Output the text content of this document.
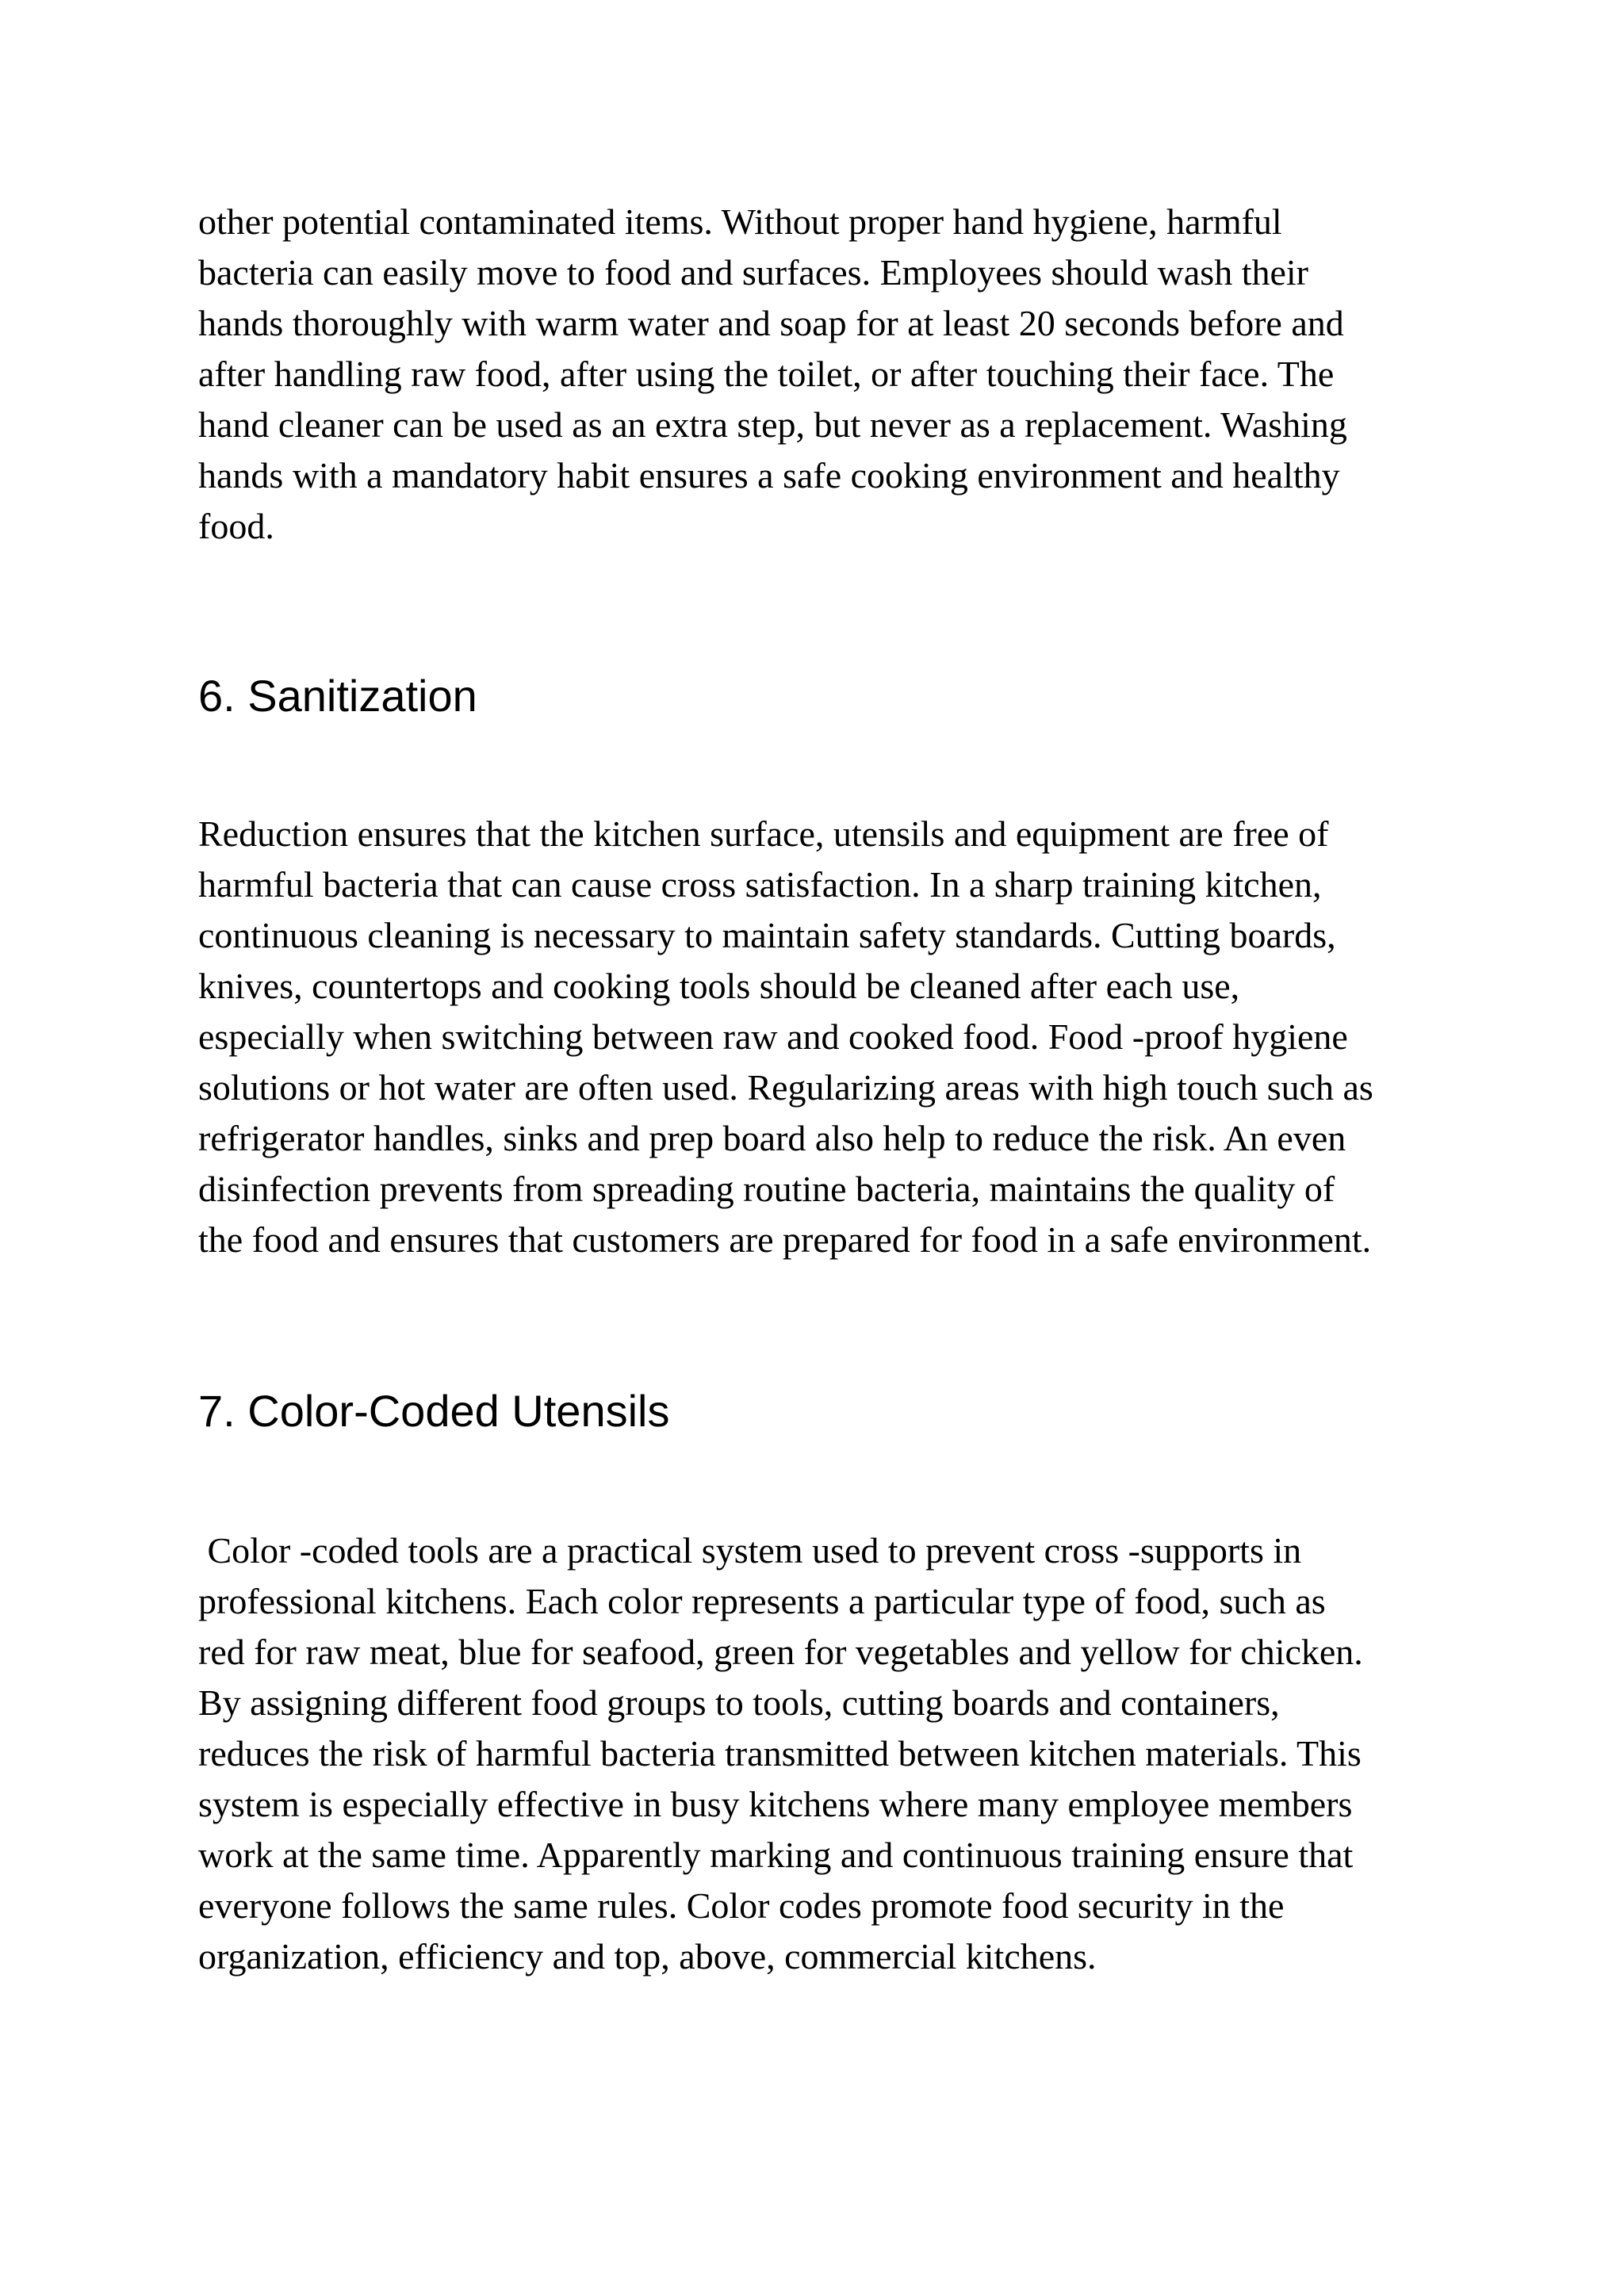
other potential contaminated items. Without proper hand hygiene, harmful
bacteria can easily move to food and surfaces. Employees should wash their
hands thoroughly with warm water and soap for at least 20 seconds before and
after handling raw food, after using the toilet, or after touching their face. The
hand cleaner can be used as an extra step, but never as a replacement. Washing
hands with a mandatory habit ensures a safe cooking environment and healthy
food.

6. Sanitization

Reduction ensures that the kitchen surface, utensils and equipment are free of
harmful bacteria that can cause cross satisfaction. In a sharp training kitchen,
continuous cleaning is necessary to maintain safety standards. Cutting boards,
knives, countertops and cooking tools should be cleaned after each use,
especially when switching between raw and cooked food. Food -proof hygiene
solutions or hot water are often used. Regularizing areas with high touch such as
refrigerator handles, sinks and prep board also help to reduce the risk. An even
disinfection prevents from spreading routine bacteria, maintains the quality of
the food and ensures that customers are prepared for food in a safe environment.

7. Color-Coded Utensils

Color -coded tools are a practical system used to prevent cross -supports in
professional kitchens. Each color represents a particular type of food, such as
red for raw meat, blue for seafood, green for vegetables and yellow for chicken.
By assigning different food groups to tools, cutting boards and containers,
reduces the risk of harmful bacteria transmitted between kitchen materials. This
system is especially effective in busy kitchens where many employee members
work at the same time. Apparently marking and continuous training ensure that
everyone follows the same rules. Color codes promote food security in the
organization, efficiency and top, above, commercial kitchens.
